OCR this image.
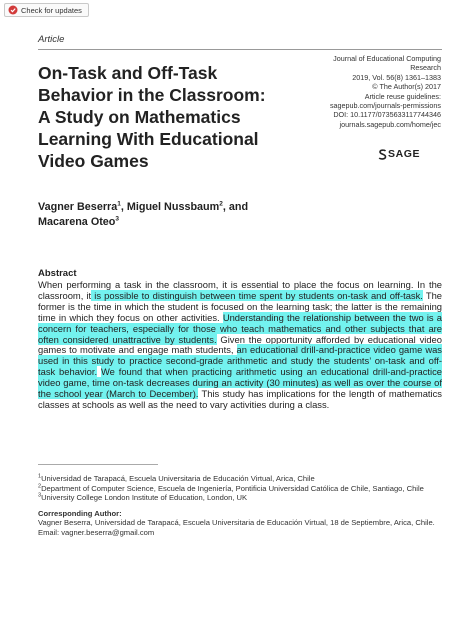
Check for updates
Article
On-Task and Off-Task Behavior in the Classroom: A Study on Mathematics Learning With Educational Video Games
Journal of Educational Computing
Research
2019, Vol. 56(8) 1361–1383
© The Author(s) 2017
Article reuse guidelines:
sagepub.com/journals-permissions
DOI: 10.1177/0735633117744346
journals.sagepub.com/home/jec
SAGE
Vagner Beserra$^1$, Miguel Nussbaum$^2$, and
Macarena Oteo$^3$
Abstract
When performing a task in the classroom, it is essential to place the focus on learning. In the classroom, it is possible to distinguish between time spent by students on-task and off-task. The former is the time in which the student is focused on the learning task; the latter is the remaining time in which they focus on other activities. Understanding the relationship between the two is a concern for teachers, especially for those who teach mathematics and other subjects that are often considered unattractive by students. Given the opportunity afforded by educational video games to motivate and engage math students, an educational drill-and-practice video game was used in this study to practice second-grade arithmetic and study the students’ on-task and off-task behavior. We found that when practicing arithmetic using an educational drill-and-practice video game, time on-task decreases during an activity (30 minutes) as well as over the course of the school year (March to December). This study has implications for the length of mathematics classes at schools as well as the need to vary activities during a class.
$^1$Universidad de Tarapacá, Escuela Universitaria de Educación Virtual, Arica, Chile
$^2$Department of Computer Science, Escuela de Ingeniería, Pontificia Universidad Católica de Chile, Santiago, Chile
$^3$University College London Institute of Education, London, UK
Corresponding Author:
Vagner Beserra, Universidad de Tarapacá, Escuela Universitaria de Educación Virtual, 18 de Septiembre, Arica, Chile.
Email: vagner.beserra@gmail.com
